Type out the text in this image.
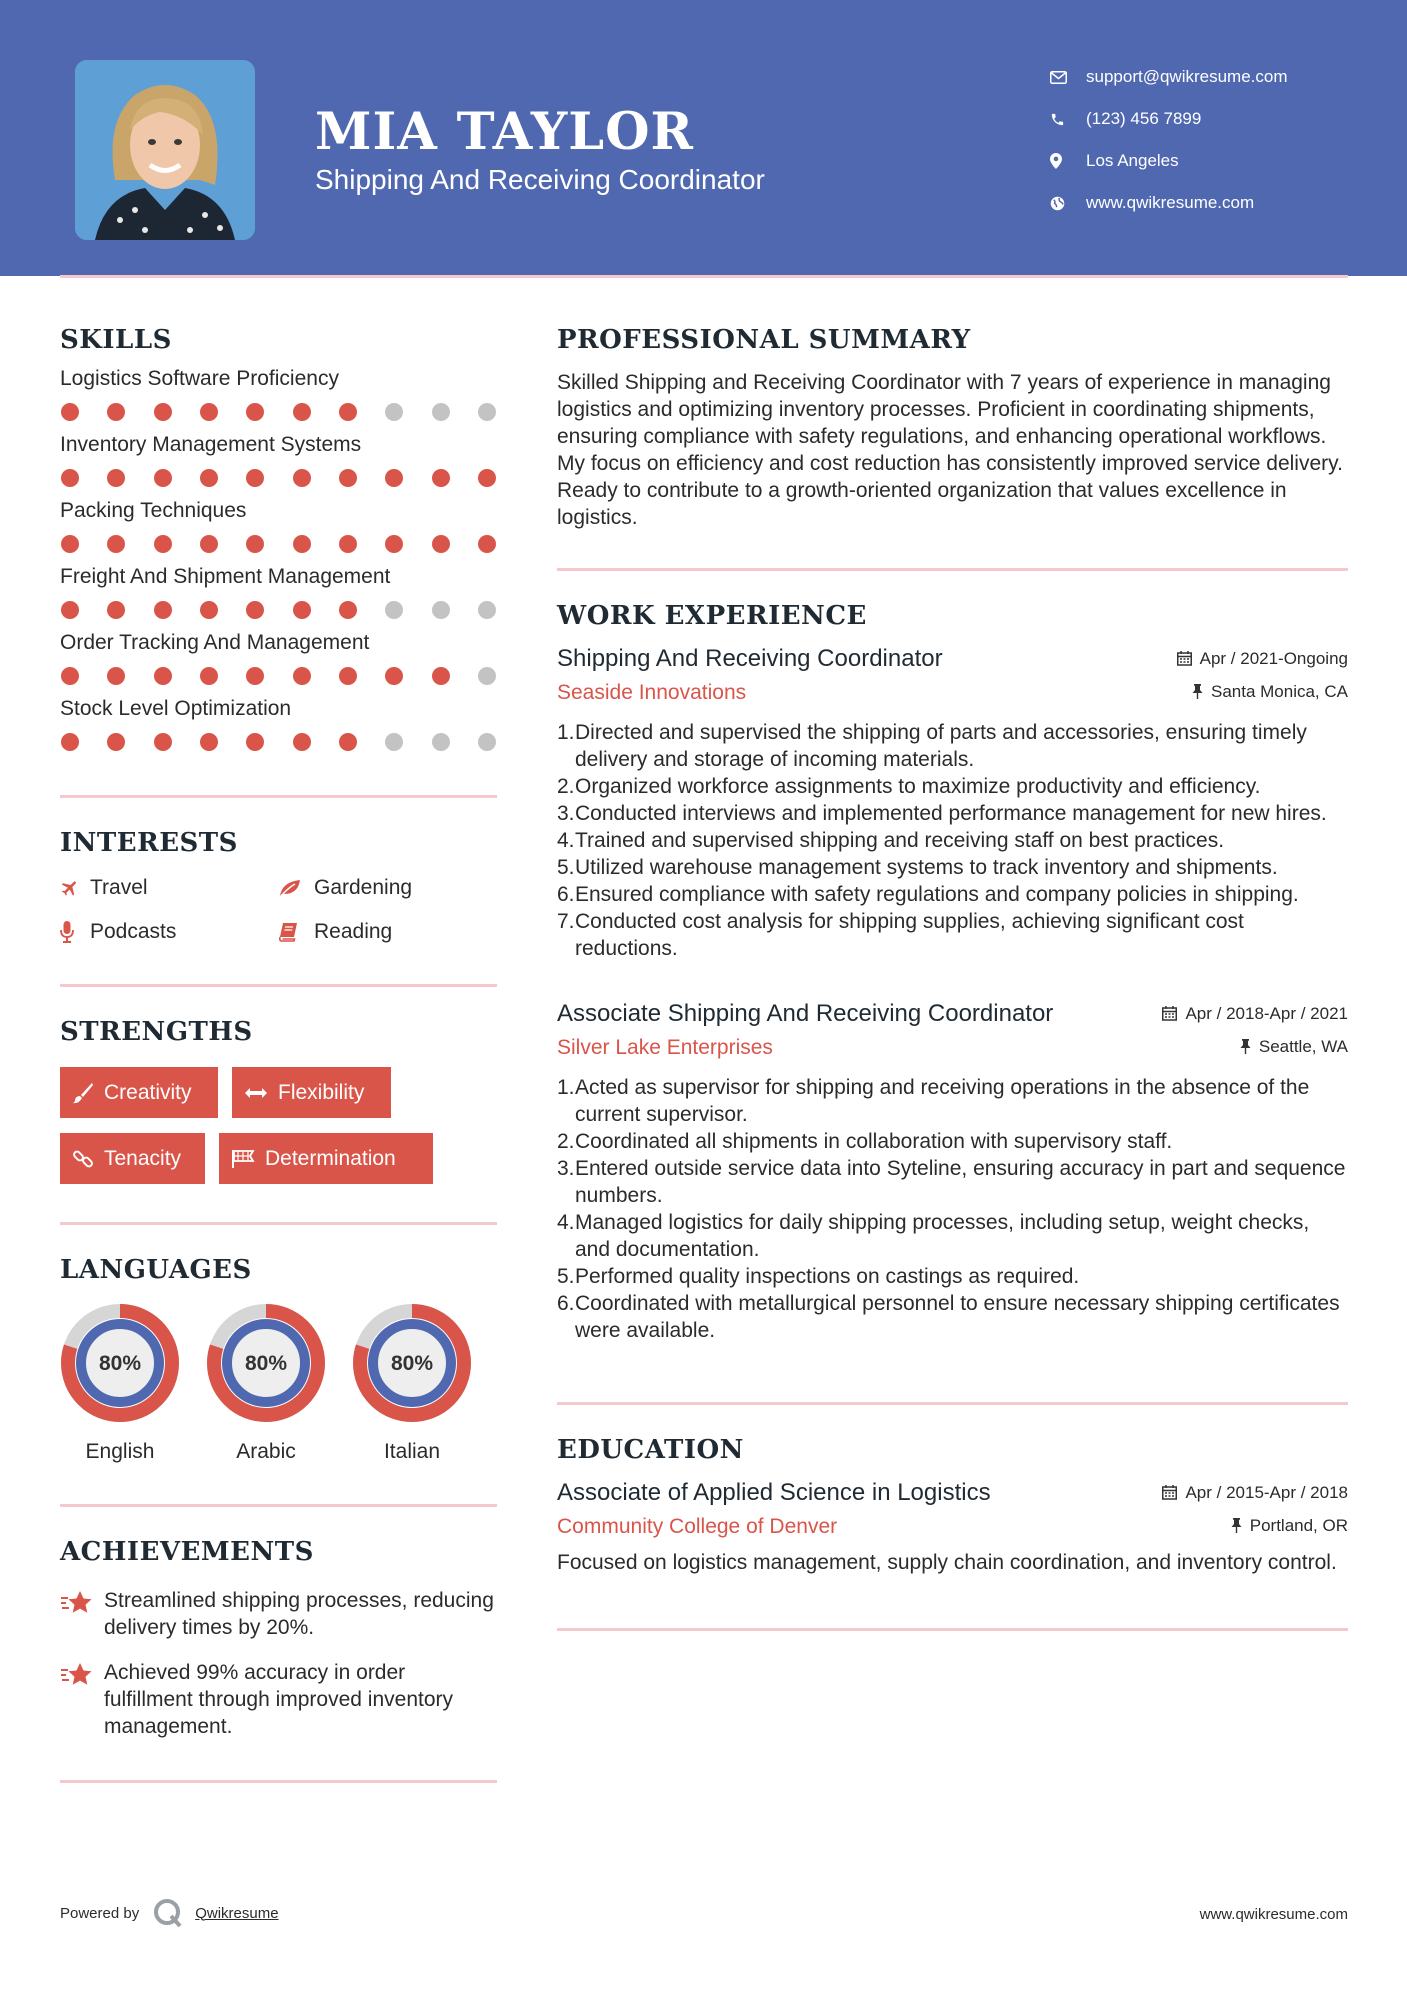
MIA TAYLOR
Shipping And Receiving Coordinator
support@qwikresume.com
(123) 456 7899
Los Angeles
www.qwikresume.com
SKILLS
Logistics Software Proficiency
Inventory Management Systems
Packing Techniques
Freight And Shipment Management
Order Tracking And Management
Stock Level Optimization
INTERESTS
Travel	Gardening
Podcasts	Reading
STRENGTHS
Creativity	Flexibility
Tenacity	Determination
LANGUAGES
80%
English
80%
Arabic
80%
Italian
ACHIEVEMENTS
Streamlined shipping processes, reducing delivery times by 20%.
Achieved 99% accuracy in order fulfillment through improved inventory management.
PROFESSIONAL SUMMARY
Skilled Shipping and Receiving Coordinator with 7 years of experience in managing logistics and optimizing inventory processes. Proficient in coordinating shipments, ensuring compliance with safety regulations, and enhancing operational workflows. My focus on efficiency and cost reduction has consistently improved service delivery. Ready to contribute to a growth-oriented organization that values excellence in logistics.
WORK EXPERIENCE
Shipping And Receiving Coordinator	Apr / 2021-Ongoing
Seaside Innovations	Santa Monica, CA
1. Directed and supervised the shipping of parts and accessories, ensuring timely delivery and storage of incoming materials.
2. Organized workforce assignments to maximize productivity and efficiency.
3. Conducted interviews and implemented performance management for new hires.
4. Trained and supervised shipping and receiving staff on best practices.
5. Utilized warehouse management systems to track inventory and shipments.
6. Ensured compliance with safety regulations and company policies in shipping.
7. Conducted cost analysis for shipping supplies, achieving significant cost reductions.
Associate Shipping And Receiving Coordinator	Apr / 2018-Apr / 2021
Silver Lake Enterprises	Seattle, WA
1. Acted as supervisor for shipping and receiving operations in the absence of the current supervisor.
2. Coordinated all shipments in collaboration with supervisory staff.
3. Entered outside service data into Syteline, ensuring accuracy in part and sequence numbers.
4. Managed logistics for daily shipping processes, including setup, weight checks, and documentation.
5. Performed quality inspections on castings as required.
6. Coordinated with metallurgical personnel to ensure necessary shipping certificates were available.
EDUCATION
Associate of Applied Science in Logistics	Apr / 2015-Apr / 2018
Community College of Denver	Portland, OR
Focused on logistics management, supply chain coordination, and inventory control.
Powered by	Qwikresume	www.qwikresume.com
